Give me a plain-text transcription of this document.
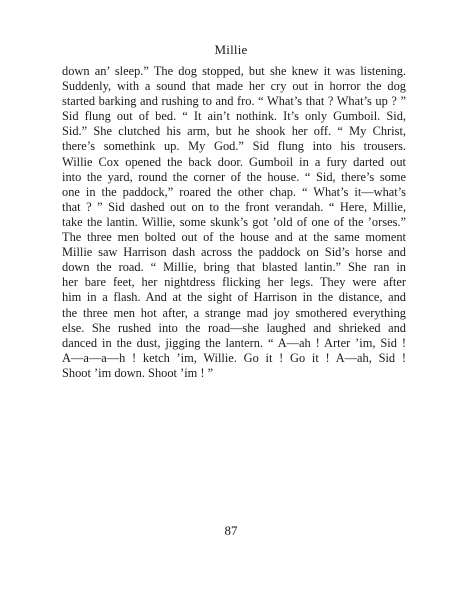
Millie
down an’ sleep.” The dog stopped, but she knew it was listening.
Suddenly, with a sound that made her cry out in horror the dog
started barking and rushing to and fro. “ What’s that ? What’s up ? ”
Sid flung out of bed. “ It ain’t nothink. It’s only Gumboil. Sid,
Sid.” She clutched his arm, but he shook her off. “ My Christ,
there’s somethink up. My God.” Sid flung into his trousers.
Willie Cox opened the back door. Gumboil in a fury darted out
into the yard, round the corner of the house. “ Sid, there’s some
one in the paddock,” roared the other chap. “ What’s it—what’s
that ? ” Sid dashed out on to the front verandah. “ Here, Millie,
take the lantin. Willie, some skunk’s got ’old of one of the ’orses.”
The three men bolted out of the house and at the same moment
Millie saw Harrison dash across the paddock on Sid’s horse and
down the road. “ Millie, bring that blasted lantin.” She ran in
her bare feet, her nightdress flicking her legs. They were after
him in a flash. And at the sight of Harrison in the distance, and
the three men hot after, a strange mad joy smothered everything
else. She rushed into the road—she laughed and shrieked and
danced in the dust, jigging the lantern. “ A—ah ! Arter ’im, Sid !
A—a—a—h ! ketch ’im, Willie. Go it ! Go it ! A—ah, Sid !
Shoot ’im down. Shoot ’im ! ”
87
